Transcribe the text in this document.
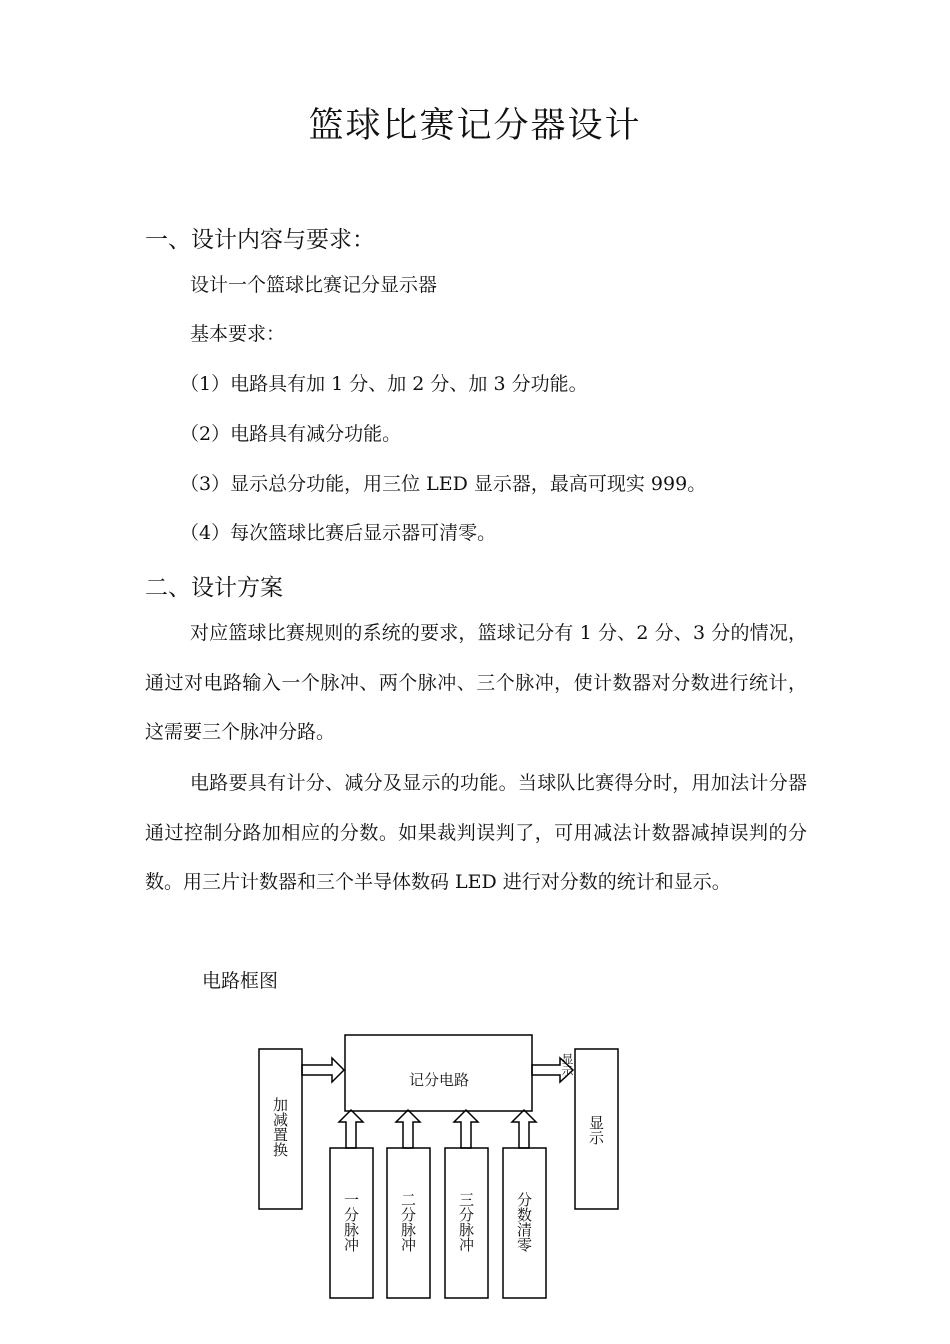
篮球比赛记分器设计
一、设计内容与要求：
设计一个篮球比赛记分显示器
基本要求：
（1）电路具有加 1 分、加 2 分、加 3 分功能。
（2）电路具有减分功能。
（3）显示总分功能，用三位 LED 显示器，最高可现实 999。
（4）每次篮球比赛后显示器可清零。
二、设计方案
对应篮球比赛规则的系统的要求，篮球记分有 1 分、2 分、3 分的情况，通过对电路输入一个脉冲、两个脉冲、三个脉冲，使计数器对分数进行统计，这需要三个脉冲分路。
电路要具有计分、减分及显示的功能。当球队比赛得分时，用加法计分器通过控制分路加相应的分数。如果裁判误判了，可用减法计数器减掉误判的分数。用三片计数器和三个半导体数码 LED 进行对分数的统计和显示。
电路框图
记分电路
加减置换	显示
显示
一分脉冲	二分脉冲	三分脉冲	分数清零
